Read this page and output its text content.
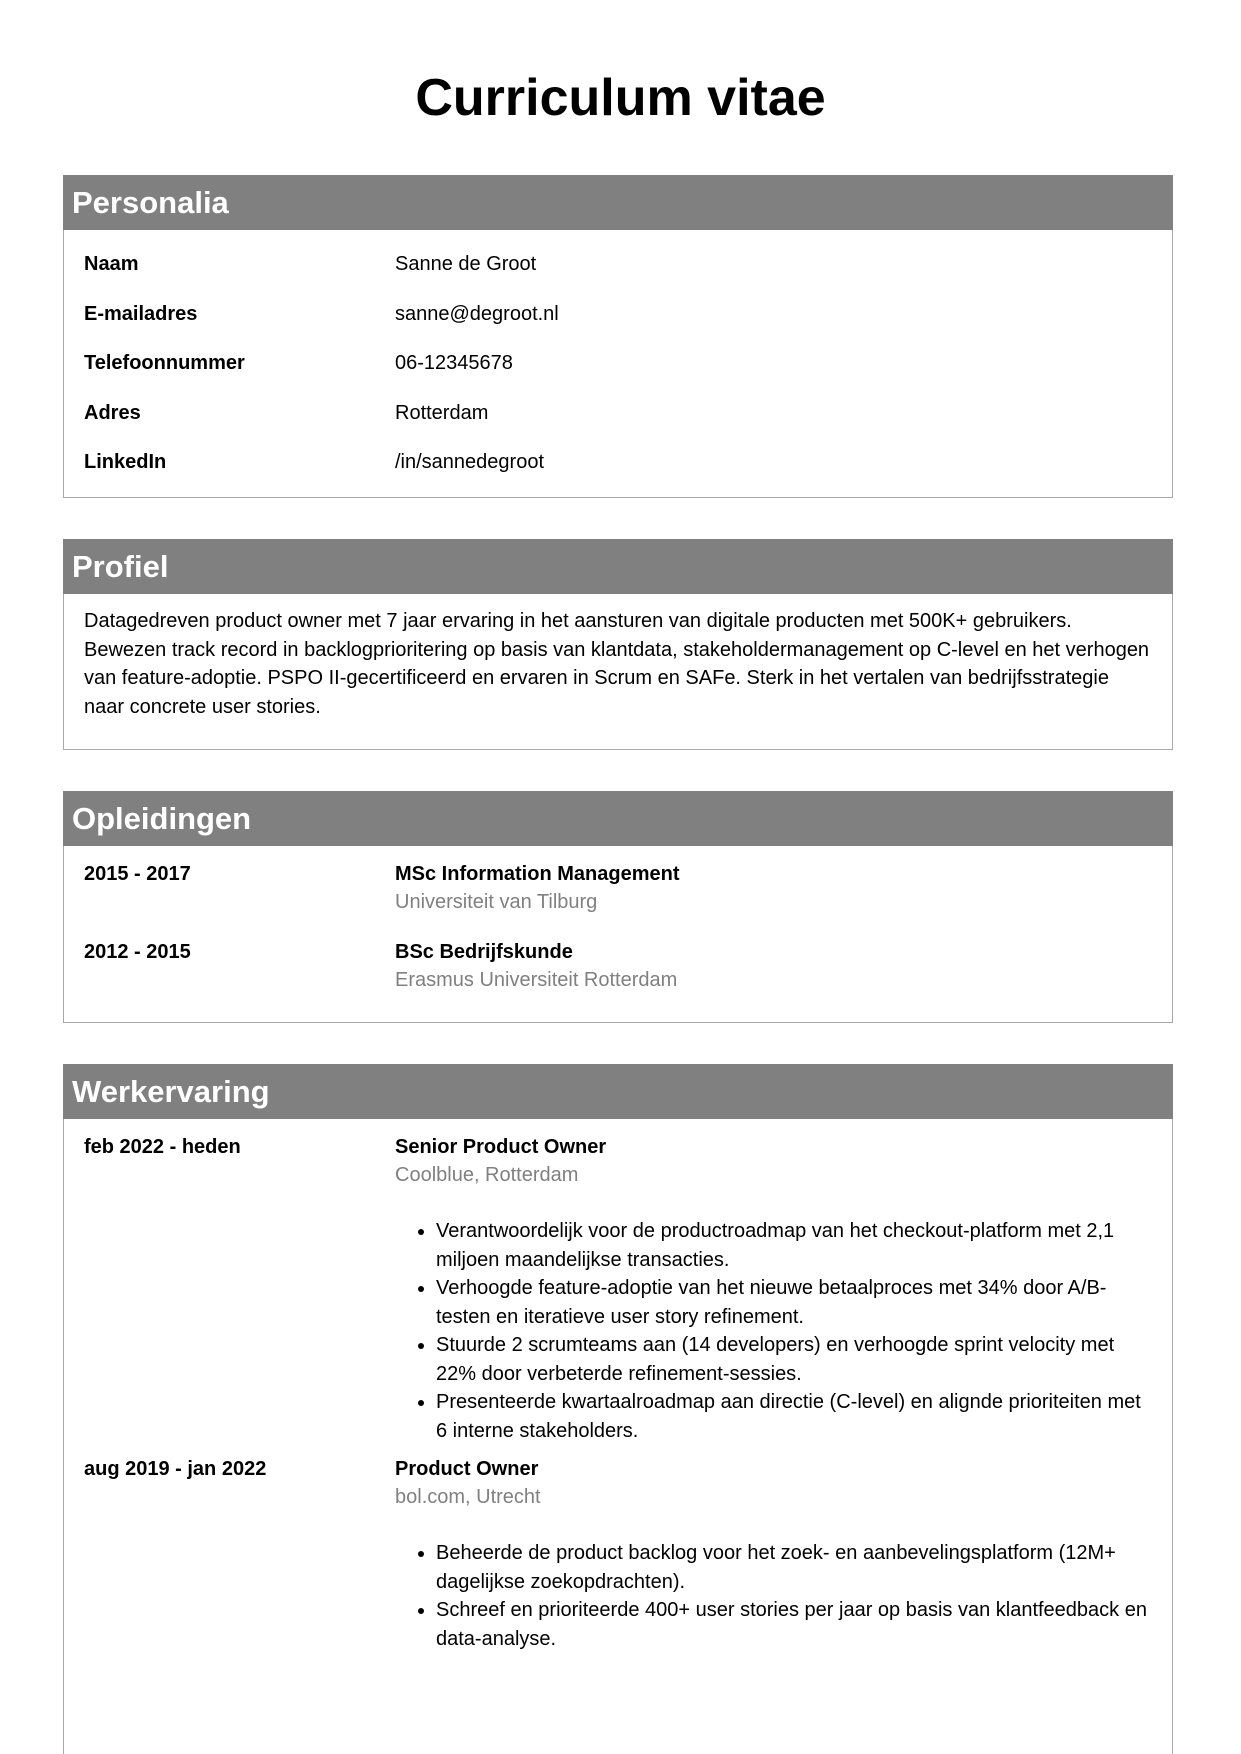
Curriculum vitae
Personalia
Naam	Sanne de Groot
E-mailadres	sanne@degroot.nl
Telefoonnummer	06-12345678
Adres	Rotterdam
LinkedIn	/in/sannedegroot
Profiel

Datagedreven product owner met 7 jaar ervaring in het aansturen van digitale producten met 500K+ gebruikers. Bewezen track record in backlogprioritering op basis van klantdata, stakeholdermanagement op C-level en het verhogen van feature-adoptie. PSPO II-gecertificeerd en ervaren in Scrum en SAFe. Sterk in het vertalen van bedrijfsstrategie naar concrete user stories.

Opleidingen
2015 - 2017	MSc Information Management
Universiteit van Tilburg
2012 - 2015	BSc Bedrijfskunde
Erasmus Universiteit Rotterdam
Werkervaring
feb 2022 - heden	Senior Product Owner
Coolblue, Rotterdam
• Verantwoordelijk voor de productroadmap van het checkout-platform met 2,1 miljoen maandelijkse transacties.
• Verhoogde feature-adoptie van het nieuwe betaalproces met 34% door A/B-testen en iteratieve user story refinement.
• Stuurde 2 scrumteams aan (14 developers) en verhoogde sprint velocity met 22% door verbeterde refinement-sessies.
• Presenteerde kwartaalroadmap aan directie (C-level) en alignde prioriteiten met 6 interne stakeholders.
aug 2019 - jan 2022	Product Owner
bol.com, Utrecht
• Beheerde de product backlog voor het zoek- en aanbevelingsplatform (12M+ dagelijkse zoekopdrachten).
• Schreef en prioriteerde 400+ user stories per jaar op basis van klantfeedback en data-analyse.
